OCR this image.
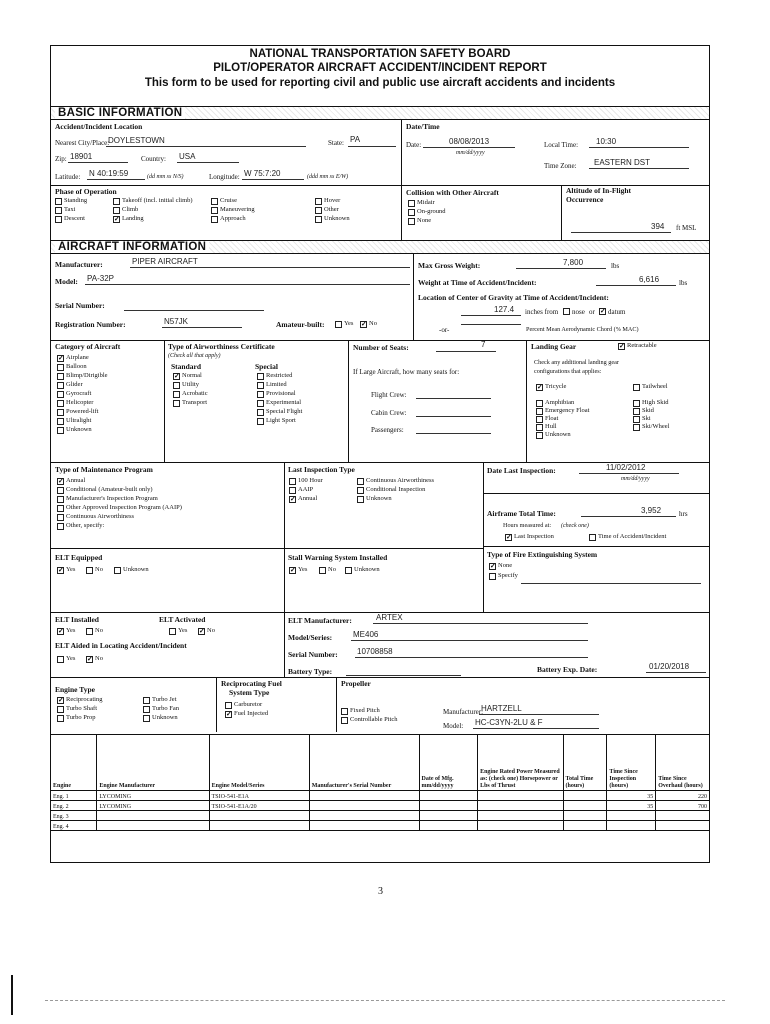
NATIONAL TRANSPORTATION SAFETY BOARD
PILOT/OPERATOR AIRCRAFT ACCIDENT/INCIDENT REPORT
This form to be used for reporting civil and public use aircraft accidents and incidents
BASIC INFORMATION
Accident/Incident Location
Nearest City/Place:
DOYLESTOWN	State: PA
Zip: 18901	Country: USA
Latitude: N 40:19:59	(dd mm ss N/S)	Longitude: W 75:7:20	(ddd mm ss E/W)
Date/Time
Date:	08/08/2013
mm/dd/yyyy
Local Time: 10:30
Time Zone: EASTERN DST
Phase of Operation	Collision with Other Aircraft	Altitude of In-Flight
Occurrence
394 ft MSL
AIRCRAFT INFORMATION
Manufacturer:	PIPER AIRCRAFT
Model: PA-32P
Serial Number:
Registration Number:	N57JK	Amateur-built:	Yes ✓ No
Max Gross Weight:	7,800	lbs
Weight at Time of Accident/Incident:	6,616	lbs
Location of Center of Gravity at Time of Accident/Incident:
127.4 inches from nose or ✓ datum
-or-	Percent Mean Aerodynamic Chord (% MAC)
Category of Aircraft	Type of Airworthiness Certificate
(Check all that apply)
Standard	Special
Number of Seats:	7
If Large Aircraft, how many seats for:
Flight Crew:
Cabin Crew:
Passengers:
Landing Gear	✓ Retractable
Check any additional landing gear
configurations that applies:
Type of Maintenance Program	Last Inspection Type	Date Last Inspection:	11/02/2012
mm/dd/yyyy
Airframe Total Time:	3,952	hrs
Hours measured at: (check one)
✓ Last Inspection	Time of Accident/Incident
ELT Equipped
✓ Yes	No	Unknown
Stall Warning System Installed
✓ Yes	No	Unknown
Type of Fire Extinguishing System
✓ None
Specify
ELT Installed
✓ Yes	No
ELT Activated
Yes ✓ No
ELT Aided in Locating Accident/Incident
Yes ✓ No
ELT Manufacturer:	ARTEX
Model/Series:	ME406
Serial Number: 10708858
Battery Type:	Battery Exp. Date:	01/20/2018
Engine Type
Reciprocating Fuel
System Type
Propeller
Manufacturer:
HARTZELL
Model: HC-C3YN-2LU & F
Engine	Engine Manufacturer	Engine Model/Series	Manufacturer's Serial Number	Date of Mfg. mm/dd/yyyy	Engine Rated Power Measured as: (check one) Horsepower or Lbs of Thrust	Total Time (hours)	Time Since Inspection (hours)	Time Since Overhaul (hours)
Eng. 1	LYCOMING	TSIO-541-E1A					35	220
Eng. 2	LYCOMING	TSIO-541-E1A/20					35	700
Eng. 3								
Eng. 4								
Standing
Taxi
Descent
Takeoff (incl. initial climb)
Climb
✓ Landing
Cruise
Maneuvering
Approach
Hover
Other
Unknown
Midair
On-ground
None
✓ Airplane
Balloon
Blimp/Dirigible
Glider
Gyrocraft
Helicopter
Powered-lift
Ultralight
Unknown
✓ Normal
Utility
Acrobatic
Transport
Restricted
Limited
Provisional
Experimental
Special Flight
Light Sport
✓ Tricycle	Tailwheel
Amphibian	High Skid
Emergency Float	Skid
Float	Ski
Hull	Ski/Wheel
Unknown
✓ Annual
Conditional (Amateur-built only)
Manufacturer's Inspection Program
Other Approved Inspection Program (AAIP)
Continuous Airworthiness
Other, specify:
100 Hour
AAIP
✓ Annual
Continuous Airworthiness
Conditional Inspection
Unknown
✓ Reciprocating
Turbo Shaft
Turbo Prop
Turbo Jet
Turbo Fan
Unknown
Carburetor
✓ Fuel Injected	Fixed Pitch
Controllable Pitch
3
